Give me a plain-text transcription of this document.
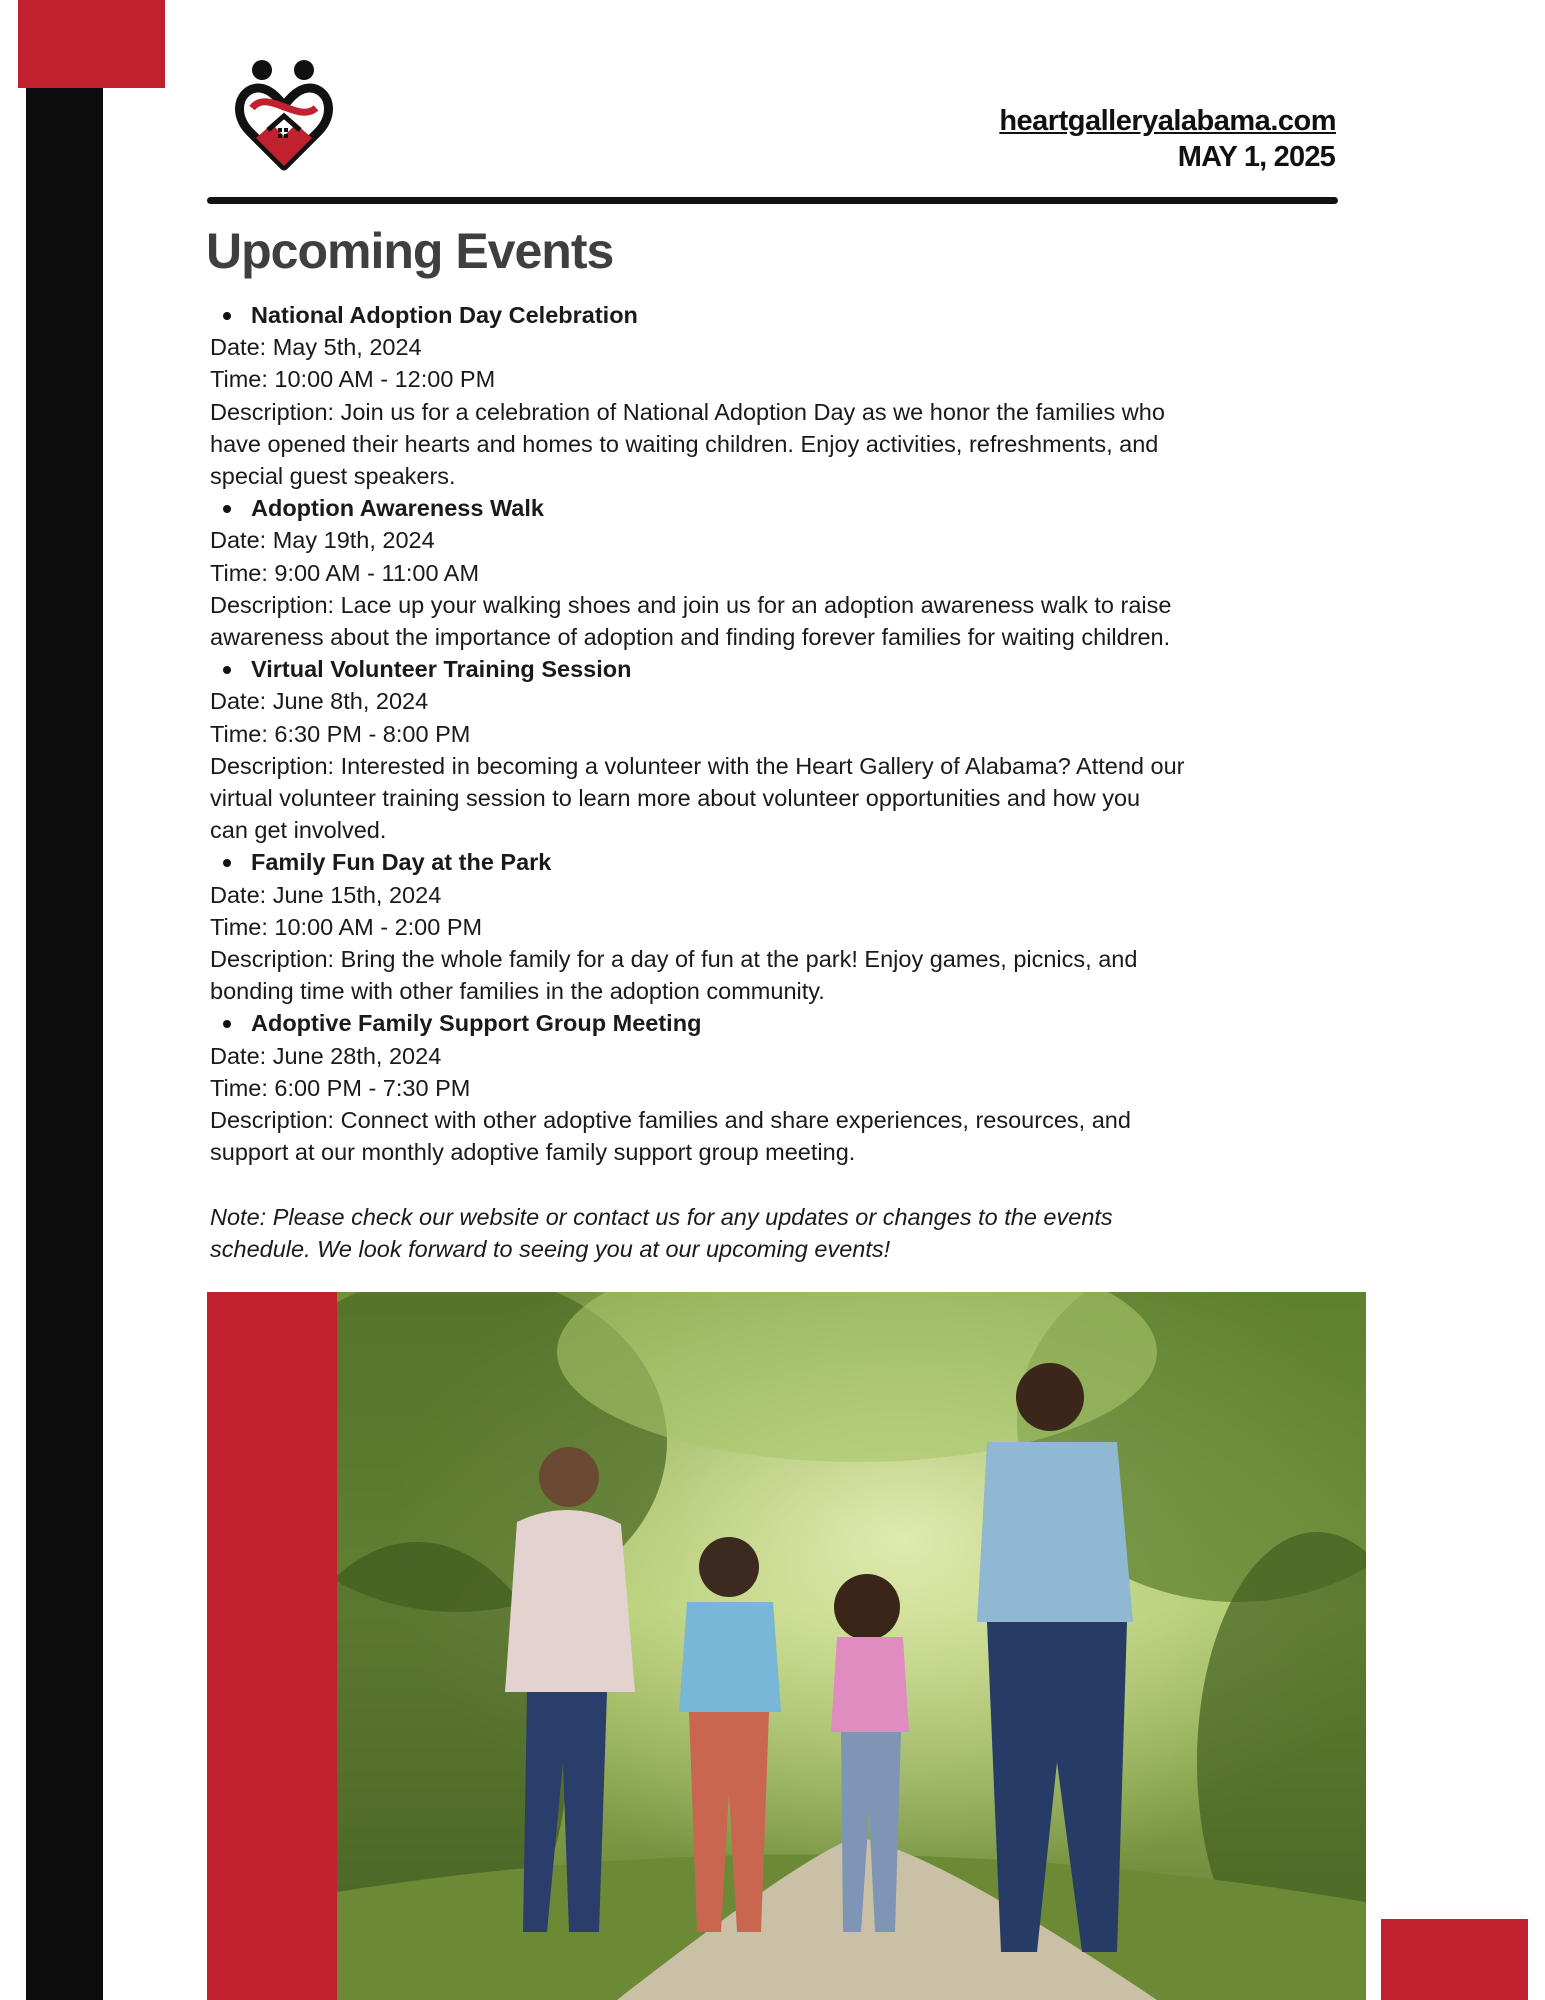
heartgalleryalabama.com
MAY 1, 2025
Upcoming Events
National Adoption Day Celebration
Date: May 5th, 2024
Time: 10:00 AM - 12:00 PM
Description: Join us for a celebration of National Adoption Day as we honor the families who
have opened their hearts and homes to waiting children. Enjoy activities, refreshments, and
special guest speakers.
Adoption Awareness Walk
Date: May 19th, 2024
Time: 9:00 AM - 11:00 AM
Description: Lace up your walking shoes and join us for an adoption awareness walk to raise
awareness about the importance of adoption and finding forever families for waiting children.
Virtual Volunteer Training Session
Date: June 8th, 2024
Time: 6:30 PM - 8:00 PM
Description: Interested in becoming a volunteer with the Heart Gallery of Alabama? Attend our
virtual volunteer training session to learn more about volunteer opportunities and how you
can get involved.
Family Fun Day at the Park
Date: June 15th, 2024
Time: 10:00 AM - 2:00 PM
Description: Bring the whole family for a day of fun at the park! Enjoy games, picnics, and
bonding time with other families in the adoption community.
Adoptive Family Support Group Meeting
Date: June 28th, 2024
Time: 6:00 PM - 7:30 PM
Description: Connect with other adoptive families and share experiences, resources, and
support at our monthly adoptive family support group meeting.
Note: Please check our website or contact us for any updates or changes to the events
schedule. We look forward to seeing you at our upcoming events!
